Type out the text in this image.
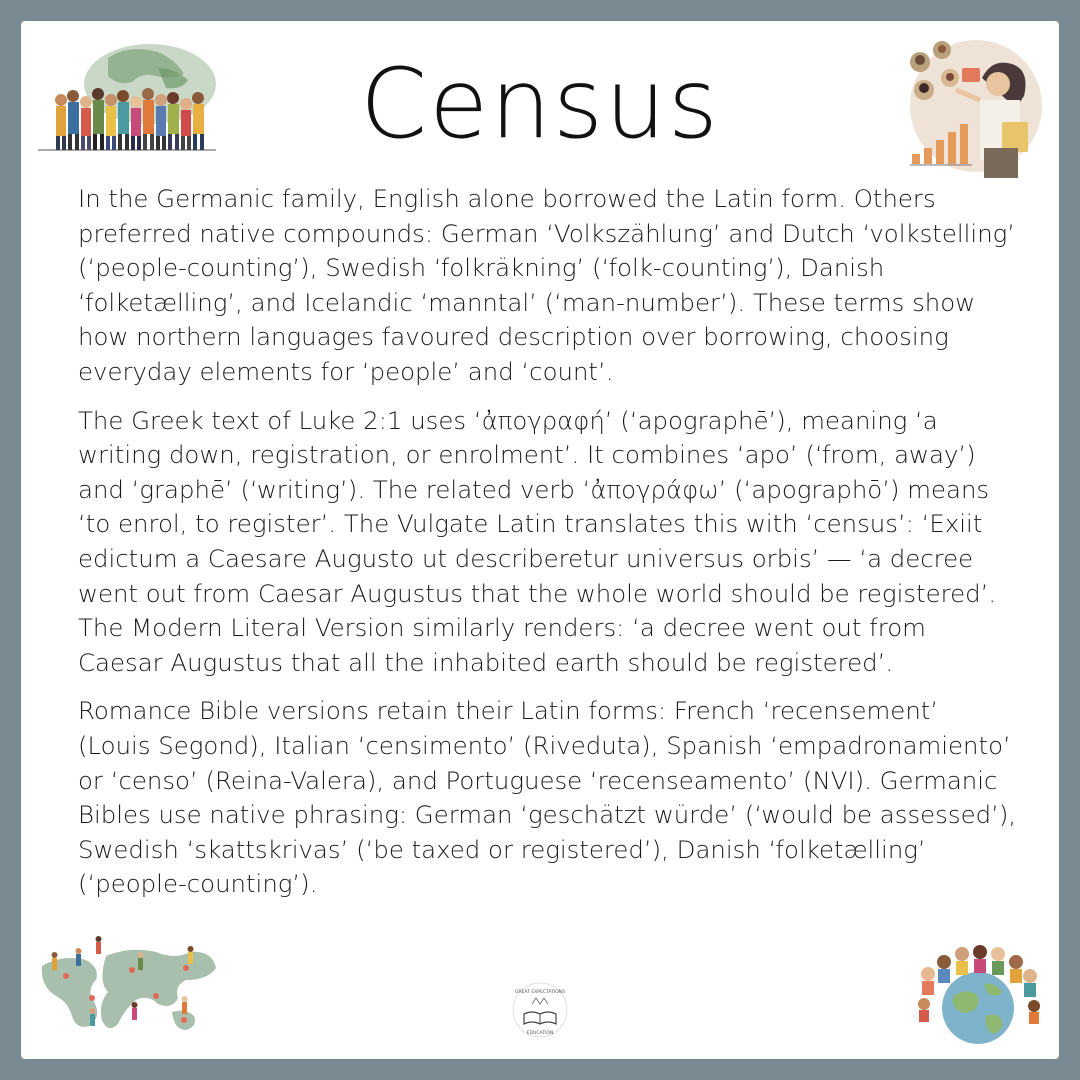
Census

In the Germanic family, English alone borrowed the Latin form. Others preferred native compounds: German ‘Volkszählung’ and Dutch ‘volkstelling’ (‘people-counting’), Swedish ‘folkräkning’ (‘folk-counting’), Danish ‘folketælling’, and Icelandic ‘manntal’ (‘man-number’). These terms show how northern languages favoured description over borrowing, choosing everyday elements for ‘people’ and ‘count’.

The Greek text of Luke 2:1 uses ‘ἀπογραφή’ (‘apographē’), meaning ‘a writing down, registration, or enrolment’. It combines ‘apo’ (‘from, away’) and ‘graphē’ (‘writing’). The related verb ‘ἀπογράφω’ (‘apographō’) means ‘to enrol, to register’. The Vulgate Latin translates this with ‘census’: ‘Exiit edictum a Caesare Augusto ut describeretur universus orbis’ — ‘a decree went out from Caesar Augustus that the whole world should be registered’. The Modern Literal Version similarly renders: ‘a decree went out from Caesar Augustus that all the inhabited earth should be registered’.

Romance Bible versions retain their Latin forms: French ‘recensement’ (Louis Segond), Italian ‘censimento’ (Riveduta), Spanish ‘empadronamiento’ or ‘censo’ (Reina-Valera), and Portuguese ‘recenseamento’ (NVI). Germanic Bibles use native phrasing: German ‘geschätzt würde’ (‘would be assessed’), Swedish ‘skattskrivas’ (‘be taxed or registered’), Danish ‘folketælling’ (‘people-counting’).

GREAT EXPECTATIONS
EDUCATION
